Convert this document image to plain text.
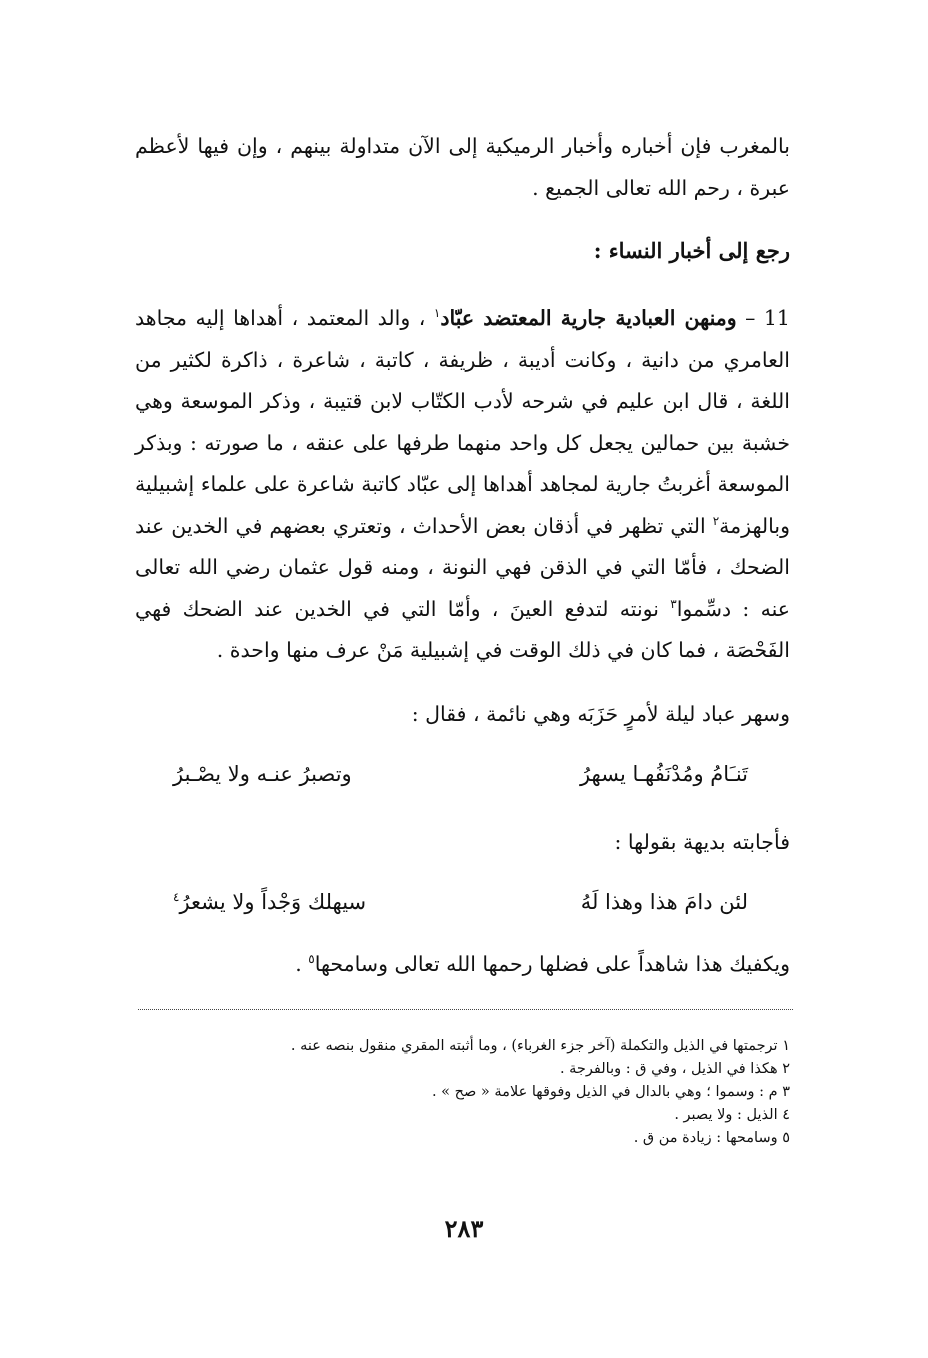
بالمغرب فإن أخباره وأخبار الرميكية إلى الآن متداولة بينهم ، وإن فيها لأعظم عبرة ، رحم الله تعالى الجميع .
رجع إلى أخبار النساء :
11 – ومنهن العبادية جارية المعتضد عبّاد$^١$ ، والد المعتمد ، أهداها إليه مجاهد العامري من دانية ، وكانت أديبة ، ظريفة ، كاتبة ، شاعرة ، ذاكرة لكثير من اللغة ، قال ابن عليم في شرحه لأدب الكتّاب لابن قتيبة ، وذكر الموسعة وهي خشبة بين حمالين يجعل كل واحد منهما طرفها على عنقه ، ما صورته : وبذكر الموسعة أغربتُ جارية لمجاهد أهداها إلى عبّاد كاتبة شاعرة على علماء إشبيلية وبالهزمة$^٢$ التي تظهر في أذقان بعض الأحداث ، وتعتري بعضهم في الخدين عند الضحك ، فأمّا التي في الذقن فهي النونة ، ومنه قول عثمان رضي الله تعالى عنه : دسِّموا$^٣$ نونته لتدفع العينَ ، وأمّا التي في الخدين عند الضحك فهي الفَحْصَة ، فما كان في ذلك الوقت في إشبيلية مَنْ عرف منها واحدة .
وسهر عباد ليلة لأمرٍ حَزَبَه وهي نائمة ، فقال :
تَنـَامُ ومُدْنَفُهـا يسهرُ
وتصبرُ عنـه ولا يصْـبرُ
فأجابته بديهة بقولها :
لئن دامَ هذا وهذا لَهُ
سيهلك وَجْداً ولا يشعرُ$^٤$
ويكفيك هذا شاهداً على فضلها رحمها الله تعالى وسامحها$^٥$ .
١ ترجمتها في الذيل والتكملة (آخر جزء الغرباء) ، وما أثبته المقري منقول بنصه عنه .
٢ هكذا في الذيل ، وفي ق : وبالفرجة .
٣ م : وسموا ؛ وهي بالدال في الذيل وفوقها علامة « صح » .
٤ الذيل : ولا يصبر .
٥ وسامحها : زيادة من ق .
٢٨٣
